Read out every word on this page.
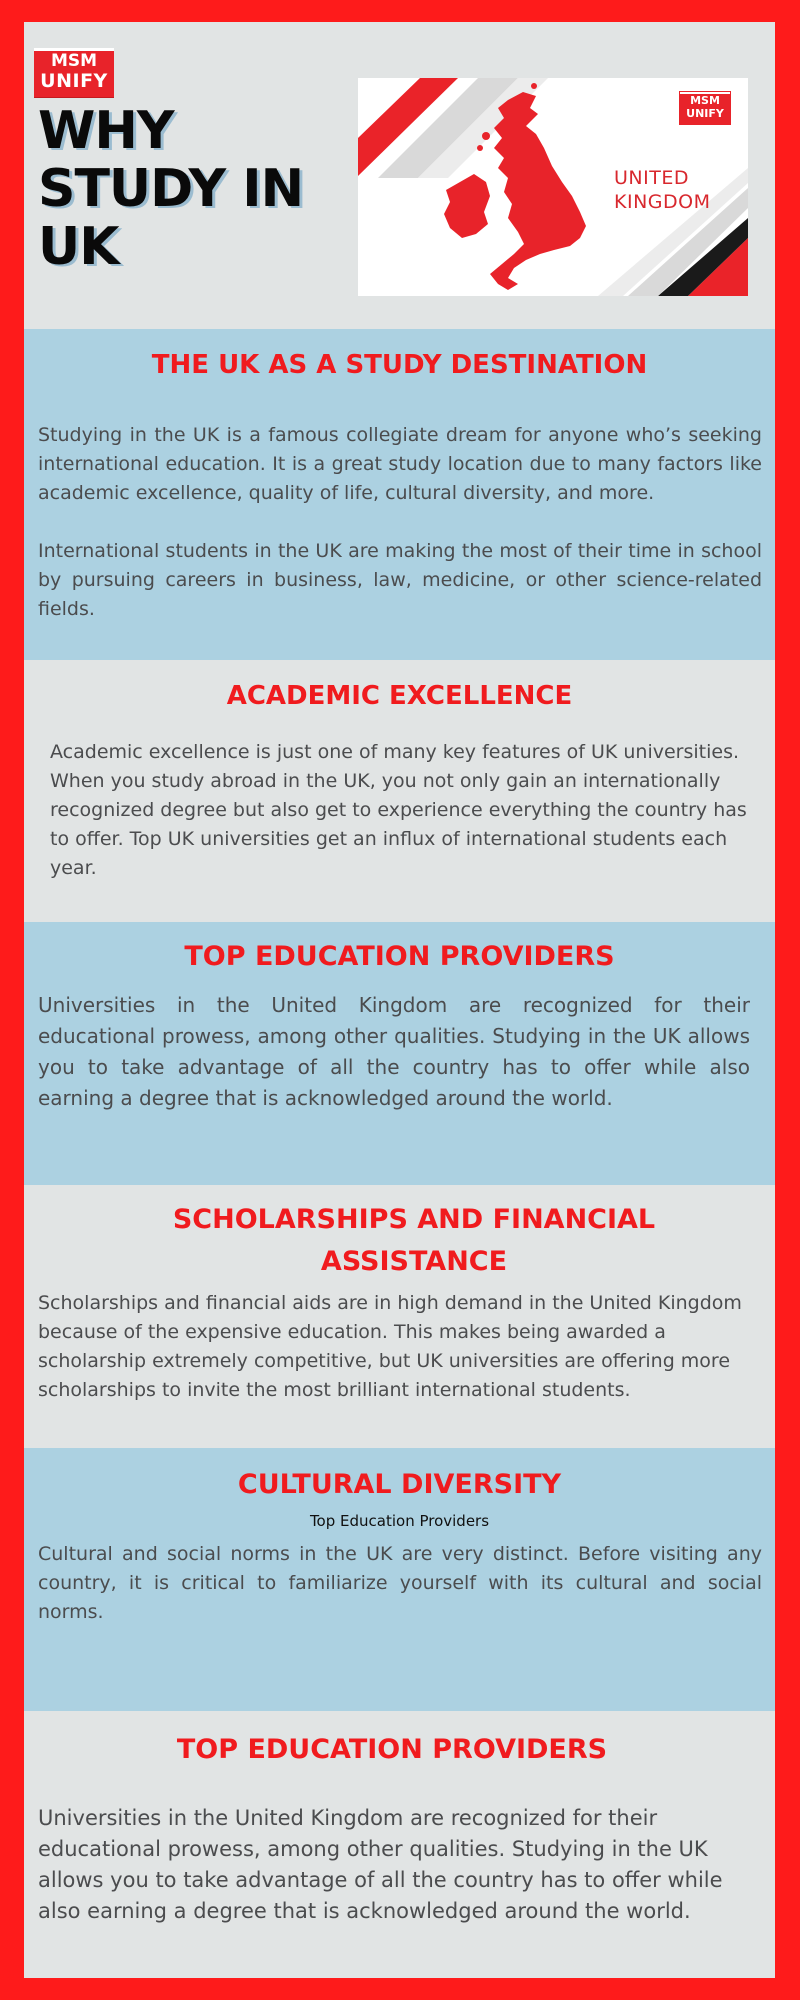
MSM
UNIFY
WHY
STUDY IN
UK
MSM
UNIFY
UNITED
KINGDOM
THE UK AS A STUDY DESTINATION

Studying in the UK is a famous collegiate dream for anyone who’s seeking international education. It is a great study location due to many factors like academic excellence, quality of life, cultural diversity, and more.

International students in the UK are making the most of their time in school by pursuing careers in business, law, medicine, or other science-related fields.

ACADEMIC EXCELLENCE

Academic excellence is just one of many key features of UK universities. When you study abroad in the UK, you not only gain an internationally recognized degree but also get to experience everything the country has to offer. Top UK universities get an influx of international students each year.

TOP EDUCATION PROVIDERS

Universities in the United Kingdom are recognized for their educational prowess, among other qualities. Studying in the UK allows you to take advantage of all the country has to offer while also earning a degree that is acknowledged around the world.

SCHOLARSHIPS AND FINANCIAL
ASSISTANCE

Scholarships and financial aids are in high demand in the United Kingdom because of the expensive education. This makes being awarded a scholarship extremely competitive, but UK universities are offering more scholarships to invite the most brilliant international students.

CULTURAL DIVERSITY

Top Education Providers

Cultural and social norms in the UK are very distinct. Before visiting any country, it is critical to familiarize yourself with its cultural and social norms.

TOP EDUCATION PROVIDERS

Universities in the United Kingdom are recognized for their educational prowess, among other qualities. Studying in the UK allows you to take advantage of all the country has to offer while also earning a degree that is acknowledged around the world.
